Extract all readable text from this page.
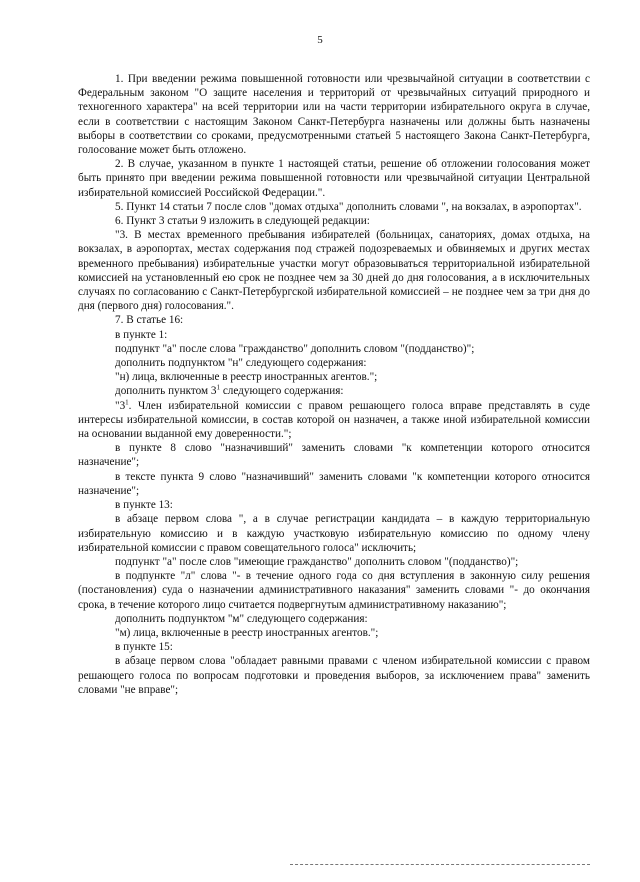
5

1. При введении режима повышенной готовности или чрезвычайной ситуации в соответствии с Федеральным законом "О защите населения и территорий от чрезвычайных ситуаций природного и техногенного характера" на всей территории или на части территории избирательного округа в случае, если в соответствии с настоящим Законом Санкт-Петербурга назначены или должны быть назначены выборы в соответствии со сроками, предусмотренными статьей 5 настоящего Закона Санкт-Петербурга, голосование может быть отложено.

2. В случае, указанном в пункте 1 настоящей статьи, решение об отложении голосования может быть принято при введении режима повышенной готовности или чрезвычайной ситуации Центральной избирательной комиссией Российской Федерации.".

5. Пункт 14 статьи 7 после слов "домах отдыха" дополнить словами ", на вокзалах, в аэропортах".

6. Пункт 3 статьи 9 изложить в следующей редакции:

"3. В местах временного пребывания избирателей (больницах, санаториях, домах отдыха, на вокзалах, в аэропортах, местах содержания под стражей подозреваемых и обвиняемых и других местах временного пребывания) избирательные участки могут образовываться территориальной избирательной комиссией на установленный ею срок не позднее чем за 30 дней до дня голосования, а в исключительных случаях по согласованию с Санкт-Петербургской избирательной комиссией – не позднее чем за три дня до дня (первого дня) голосования.".

7. В статье 16:

в пункте 1:

подпункт "а" после слова "гражданство" дополнить словом "(подданство)";

дополнить подпунктом "н" следующего содержания:

"н) лица, включенные в реестр иностранных агентов.";

дополнить пунктом $3^1$ следующего содержания:

"$3^1$. Член избирательной комиссии с правом решающего голоса вправе представлять в суде интересы избирательной комиссии, в состав которой он назначен, а также иной избирательной комиссии на основании выданной ему доверенности.";

в пункте 8 слово "назначивший" заменить словами "к компетенции которого относится назначение";

в тексте пункта 9 слово "назначивший" заменить словами "к компетенции которого относится назначение";

в пункте 13:

в абзаце первом слова ", а в случае регистрации кандидата – в каждую территориальную избирательную комиссию и в каждую участковую избирательную комиссию по одному члену избирательной комиссии с правом совещательного голоса" исключить;

подпункт "а" после слов "имеющие гражданство" дополнить словом "(подданство)";

в подпункте "л" слова "- в течение одного года со дня вступления в законную силу решения (постановления) суда о назначении административного наказания" заменить словами "- до окончания срока, в течение которого лицо считается подвергнутым административному наказанию";

дополнить подпунктом "м" следующего содержания:

"м) лица, включенные в реестр иностранных агентов.";

в пункте 15:

в абзаце первом слова "обладает равными правами с членом избирательной комиссии с правом решающего голоса по вопросам подготовки и проведения выборов, за исключением права" заменить словами "не вправе";
